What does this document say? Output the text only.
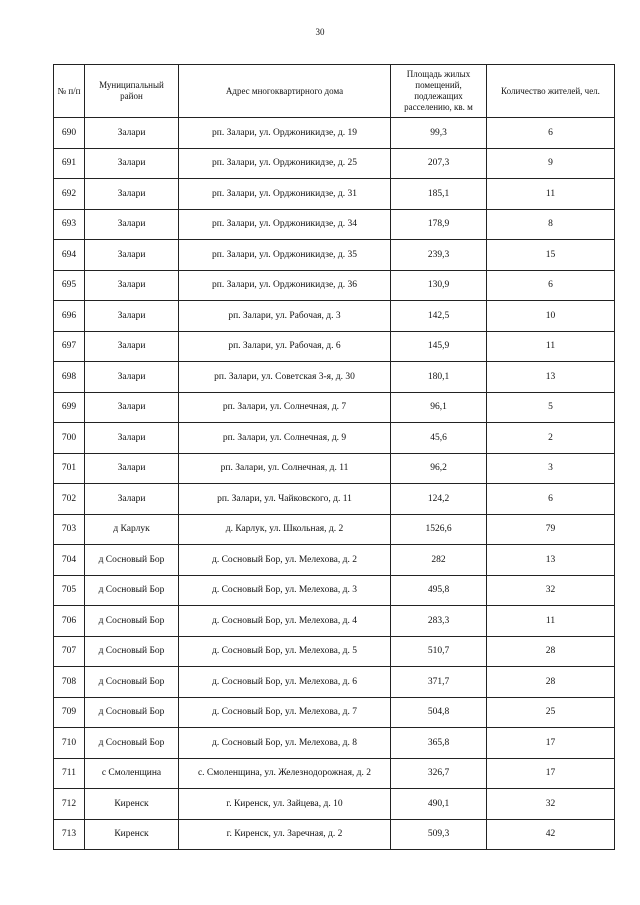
30
№ п/п	Муниципальный район	Адрес многоквартирного дома	Площадь жилых помещений, подлежащих расселению, кв. м	Количество жителей, чел.
690	Залари	рп. Залари, ул. Орджоникидзе, д. 19	99,3	6
691	Залари	рп. Залари, ул. Орджоникидзе, д. 25	207,3	9
692	Залари	рп. Залари, ул. Орджоникидзе, д. 31	185,1	11
693	Залари	рп. Залари, ул. Орджоникидзе, д. 34	178,9	8
694	Залари	рп. Залари, ул. Орджоникидзе, д. 35	239,3	15
695	Залари	рп. Залари, ул. Орджоникидзе, д. 36	130,9	6
696	Залари	рп. Залари, ул. Рабочая, д. 3	142,5	10
697	Залари	рп. Залари, ул. Рабочая, д. 6	145,9	11
698	Залари	рп. Залари, ул. Советская 3-я, д. 30	180,1	13
699	Залари	рп. Залари, ул. Солнечная, д. 7	96,1	5
700	Залари	рп. Залари, ул. Солнечная, д. 9	45,6	2
701	Залари	рп. Залари, ул. Солнечная, д. 11	96,2	3
702	Залари	рп. Залари, ул. Чайковского, д. 11	124,2	6
703	д Карлук	д. Карлук, ул. Школьная, д. 2	1526,6	79
704	д Сосновый Бор	д. Сосновый Бор, ул. Мелехова, д. 2	282	13
705	д Сосновый Бор	д. Сосновый Бор, ул. Мелехова, д. 3	495,8	32
706	д Сосновый Бор	д. Сосновый Бор, ул. Мелехова, д. 4	283,3	11
707	д Сосновый Бор	д. Сосновый Бор, ул. Мелехова, д. 5	510,7	28
708	д Сосновый Бор	д. Сосновый Бор, ул. Мелехова, д. 6	371,7	28
709	д Сосновый Бор	д. Сосновый Бор, ул. Мелехова, д. 7	504,8	25
710	д Сосновый Бор	д. Сосновый Бор, ул. Мелехова, д. 8	365,8	17
711	с Смоленщина	с. Смоленщина, ул. Железнодорожная, д. 2	326,7	17
712	Киренск	г. Киренск, ул. Зайцева, д. 10	490,1	32
713	Киренск	г. Киренск, ул. Заречная, д. 2	509,3	42
